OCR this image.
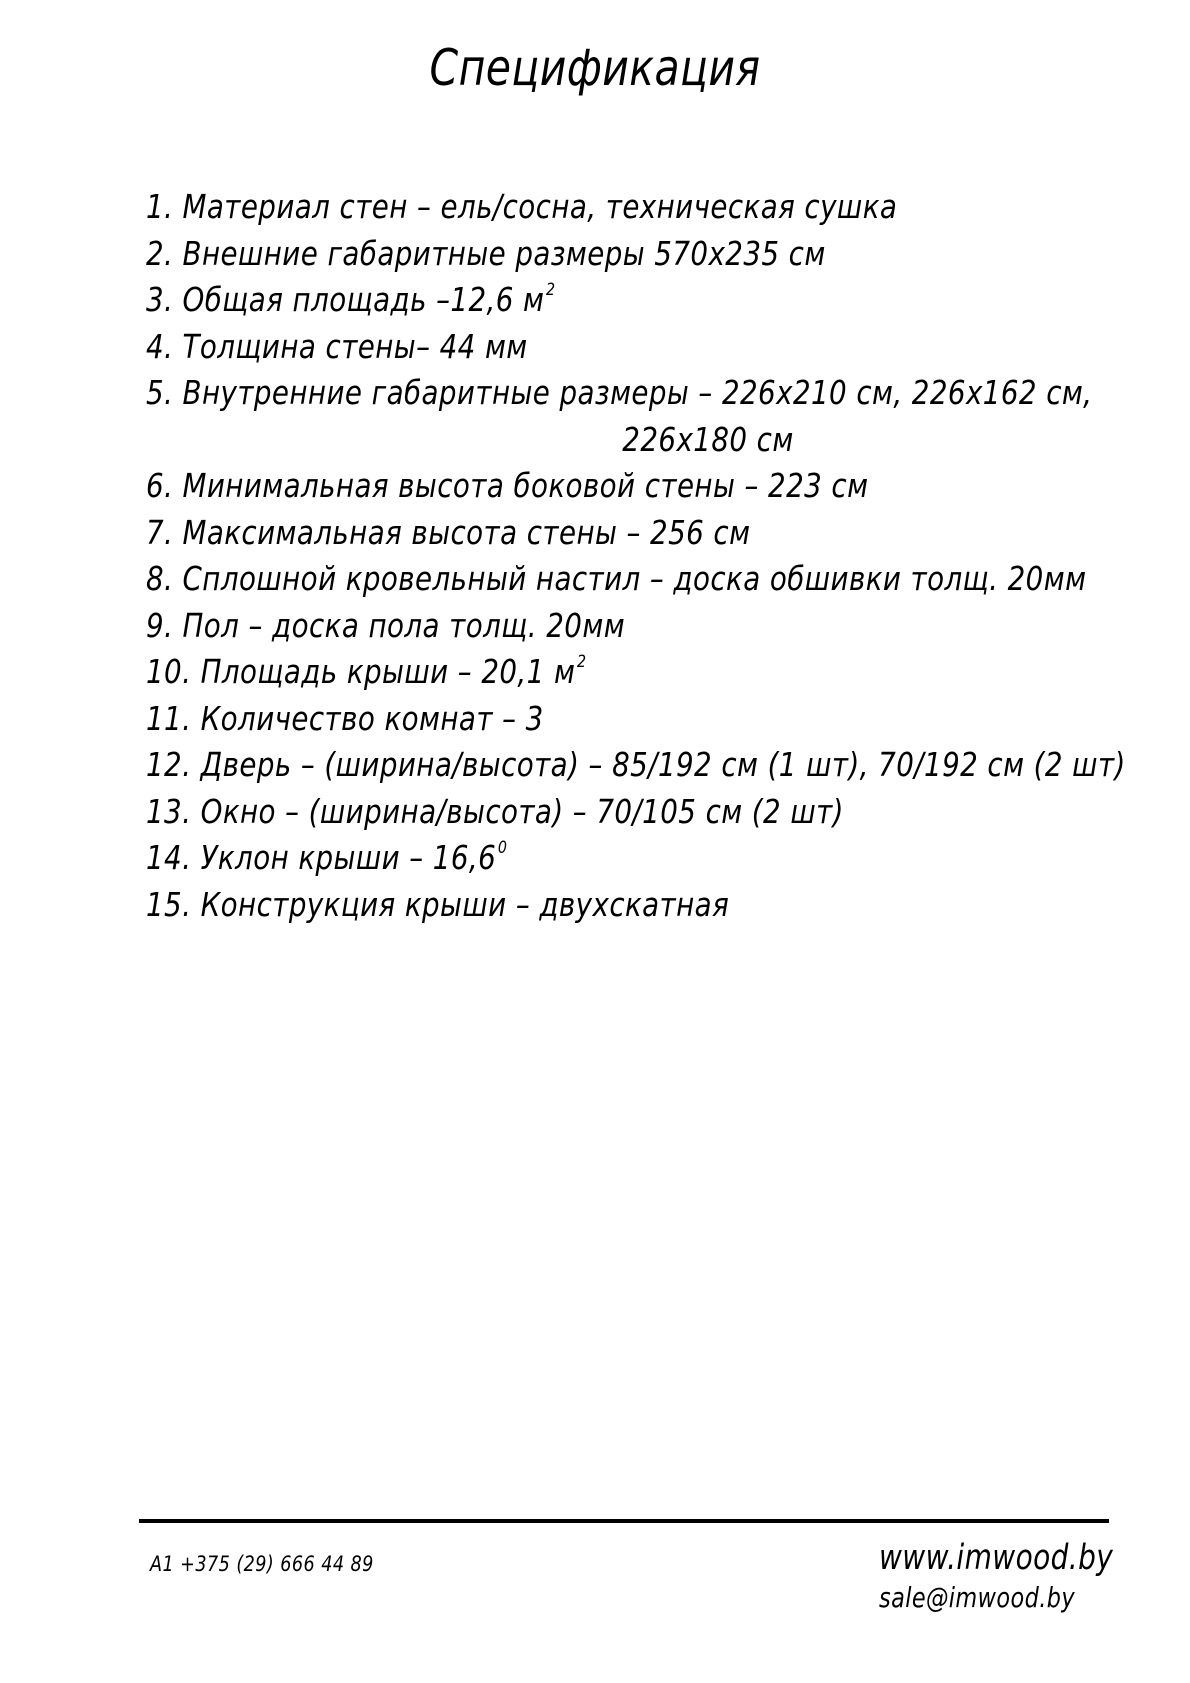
Спецификация
1. Материал стен – ель/сосна, техническая сушка
2. Внешние габаритные размеры 570x235 см
3. Общая площадь –12,6 $м^2$
4. Толщина стены– 44 мм
5. Внутренние габаритные размеры – 226x210 см, 226x162 см,
226x180 см
6. Минимальная высота боковой стены – 223 см
7. Максимальная высота стены – 256 см
8. Сплошной кровельный настил – доска обшивки толщ. 20мм
9. Пол – доска пола толщ. 20мм
10. Площадь крыши – 20,1 $м^2$
11. Количество комнат – 3
12. Дверь – (ширина/высота) – 85/192 см (1 шт), 70/192 см (2 шт)
13. Окно – (ширина/высота) – 70/105 см (2 шт)
14. Уклон крыши – 16,6$^0$
15. Конструкция крыши – двухскатная
A1 +375 (29) 666 44 89	www.imwood.by
sale@imwood.by
